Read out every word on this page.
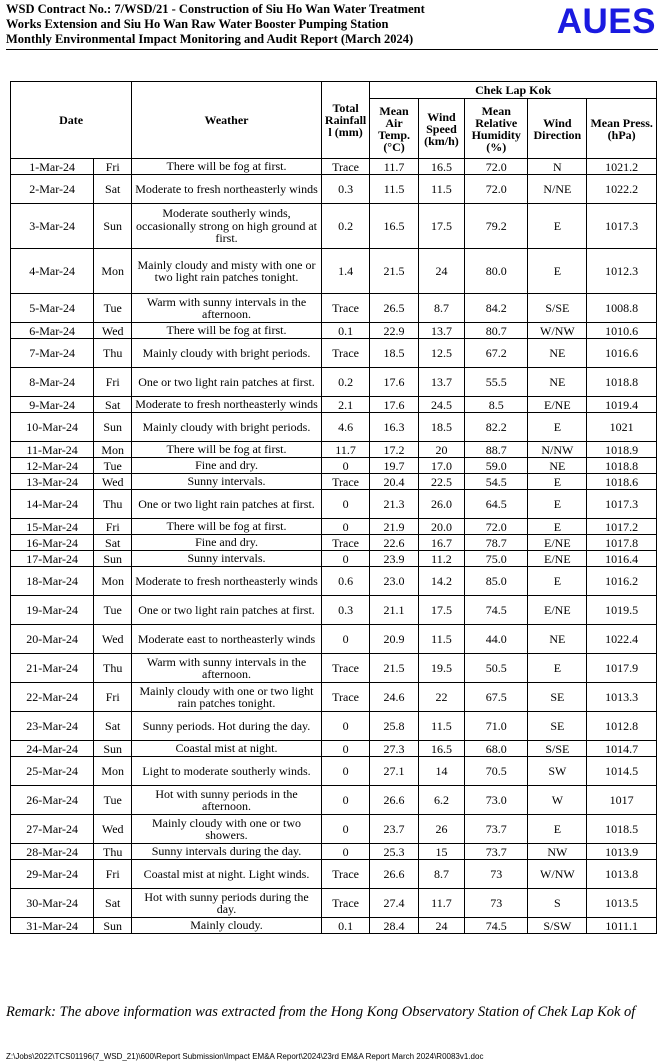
WSD Contract No.: 7/WSD/21 - Construction of Siu Ho Wan Water Treatment
Works Extension and Siu Ho Wan Raw Water Booster Pumping Station
Monthly Environmental Impact Monitoring and Audit Report (March 2024)	AUES
Date		Weather	Total Rainfall l (mm)	Chek Lap Kok				
				Mean Air Temp. (°C)	Wind Speed (km/h)	Mean Relative Humidity (%)	Wind Direction	Mean Press. (hPa)
1-Mar-24	Fri	There will be fog at first.	Trace	11.7	16.5	72.0	N	1021.2
2-Mar-24	Sat	Moderate to fresh northeasterly winds	0.3	11.5	11.5	72.0	N/NE	1022.2
3-Mar-24	Sun	Moderate southerly winds, occasionally strong on high ground at first.	0.2	16.5	17.5	79.2	E	1017.3
4-Mar-24	Mon	Mainly cloudy and misty with one or two light rain patches tonight.	1.4	21.5	24	80.0	E	1012.3
5-Mar-24	Tue	Warm with sunny intervals in the afternoon.	Trace	26.5	8.7	84.2	S/SE	1008.8
6-Mar-24	Wed	There will be fog at first.	0.1	22.9	13.7	80.7	W/NW	1010.6
7-Mar-24	Thu	Mainly cloudy with bright periods.	Trace	18.5	12.5	67.2	NE	1016.6
8-Mar-24	Fri	One or two light rain patches at first.	0.2	17.6	13.7	55.5	NE	1018.8
9-Mar-24	Sat	Moderate to fresh northeasterly winds	2.1	17.6	24.5	8.5	E/NE	1019.4
10-Mar-24	Sun	Mainly cloudy with bright periods.	4.6	16.3	18.5	82.2	E	1021
11-Mar-24	Mon	There will be fog at first.	11.7	17.2	20	88.7	N/NW	1018.9
12-Mar-24	Tue	Fine and dry.	0	19.7	17.0	59.0	NE	1018.8
13-Mar-24	Wed	Sunny intervals.	Trace	20.4	22.5	54.5	E	1018.6
14-Mar-24	Thu	One or two light rain patches at first.	0	21.3	26.0	64.5	E	1017.3
15-Mar-24	Fri	There will be fog at first.	0	21.9	20.0	72.0	E	1017.2
16-Mar-24	Sat	Fine and dry.	Trace	22.6	16.7	78.7	E/NE	1017.8
17-Mar-24	Sun	Sunny intervals.	0	23.9	11.2	75.0	E/NE	1016.4
18-Mar-24	Mon	Moderate to fresh northeasterly winds	0.6	23.0	14.2	85.0	E	1016.2
19-Mar-24	Tue	One or two light rain patches at first.	0.3	21.1	17.5	74.5	E/NE	1019.5
20-Mar-24	Wed	Moderate east to northeasterly winds	0	20.9	11.5	44.0	NE	1022.4
21-Mar-24	Thu	Warm with sunny intervals in the afternoon.	Trace	21.5	19.5	50.5	E	1017.9
22-Mar-24	Fri	Mainly cloudy with one or two light rain patches tonight.	Trace	24.6	22	67.5	SE	1013.3
23-Mar-24	Sat	Sunny periods. Hot during the day.	0	25.8	11.5	71.0	SE	1012.8
24-Mar-24	Sun	Coastal mist at night.	0	27.3	16.5	68.0	S/SE	1014.7
25-Mar-24	Mon	Light to moderate southerly winds.	0	27.1	14	70.5	SW	1014.5
26-Mar-24	Tue	Hot with sunny periods in the afternoon.	0	26.6	6.2	73.0	W	1017
27-Mar-24	Wed	Mainly cloudy with one or two showers.	0	23.7	26	73.7	E	1018.5
28-Mar-24	Thu	Sunny intervals during the day.	0	25.3	15	73.7	NW	1013.9
29-Mar-24	Fri	Coastal mist at night. Light winds.	Trace	26.6	8.7	73	W/NW	1013.8
30-Mar-24	Sat	Hot with sunny periods during the day.	Trace	27.4	11.7	73	S	1013.5
31-Mar-24	Sun	Mainly cloudy.	0.1	28.4	24	74.5	S/SW	1011.1
Remark: The above information was extracted from the Hong Kong Observatory Station of Chek Lap Kok of
Z:\Jobs\2022\TCS01196(7_WSD_21)\600\Report Submission\Impact EM&A Report\2024\23rd EM&A Report March 2024\R0083v1.doc
